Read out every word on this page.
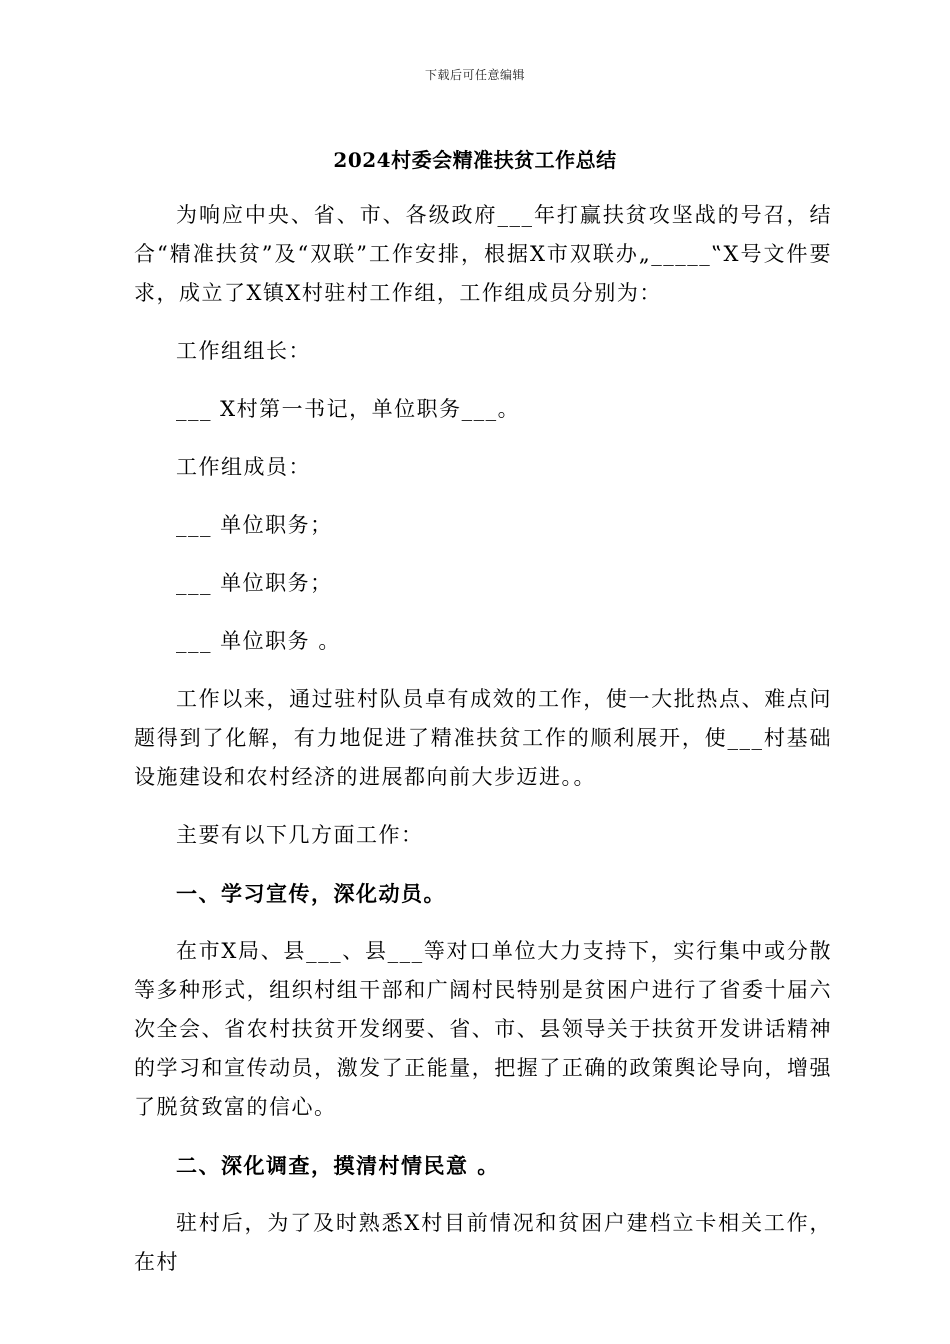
下载后可任意编辑
2024村委会精准扶贫工作总结

为响应中央、省、市、各级政府___年打赢扶贫攻坚战的号召，结合“精准扶贫”及“双联”工作安排，根据X市双联办„_____‟X号文件要求，成立了X镇X村驻村工作组，工作组成员分别为：

工作组组长：

___ X村第一书记，单位职务___。

工作组成员：

___ 单位职务；

___ 单位职务；

___ 单位职务 。

工作以来，通过驻村队员卓有成效的工作，使一大批热点、难点问题得到了化解，有力地促进了精准扶贫工作的顺利展开，使___村基础设施建设和农村经济的进展都向前大步迈进。。

主要有以下几方面工作：

一、学习宣传，深化动员。

在市X局、县___、县___等对口单位大力支持下，实行集中或分散等多种形式，组织村组干部和广阔村民特别是贫困户进行了省委十届六次全会、省农村扶贫开发纲要、省、市、县领导关于扶贫开发讲话精神的学习和宣传动员，激发了正能量，把握了正确的政策舆论导向，增强了脱贫致富的信心。

二、深化调查，摸清村情民意 。

驻村后，为了及时熟悉X村目前情况和贫困户建档立卡相关工作，在村
